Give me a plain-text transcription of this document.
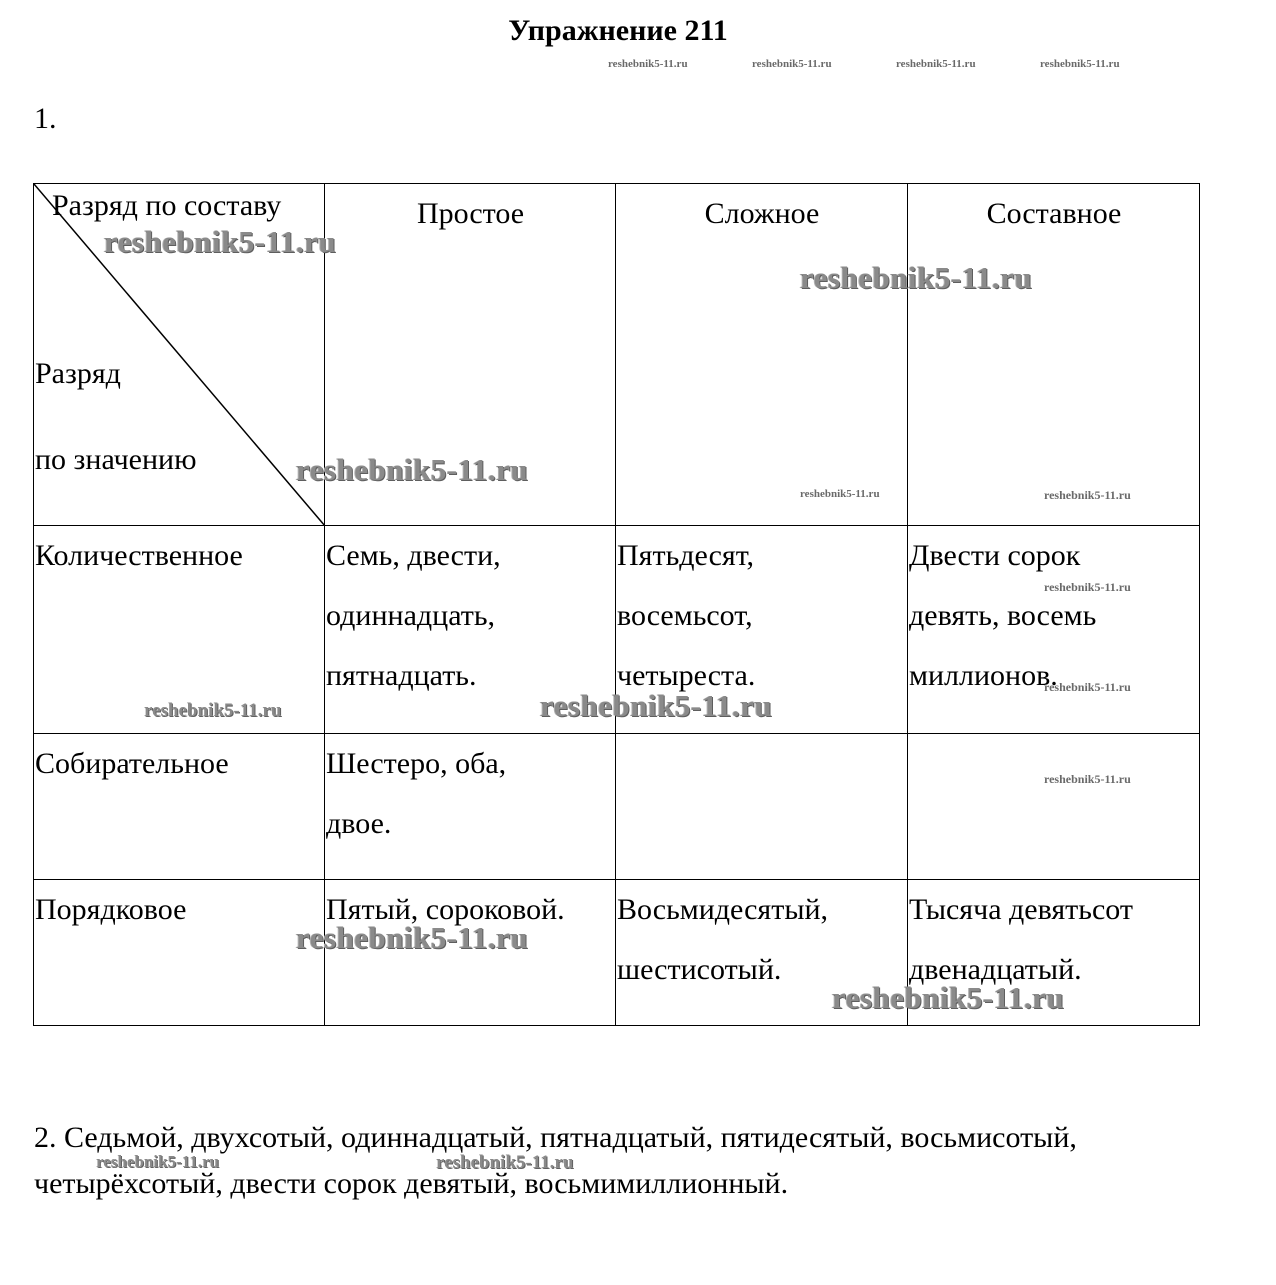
Упражнение 211
reshebnik5-11.ru	reshebnik5-11.ru	reshebnik5-11.ru	reshebnik5-11.ru
1.
Разряд по составу
Разряд
по значению	Простое	Сложное	Составное
Количественное	Семь, двести,
одиннадцать,
пятнадцать.	Пятьдесят,
восемьсот,
четыреста.	Двести сорок
девять, восемь
миллионов.
Собирательное	Шестеро, оба,
двое.		
Порядковое	Пятый, сороковой.	Восьмидесятый,
шестисотый.	Тысяча девятьсот
двенадцатый.
reshebnik5-11.ru
reshebnik5-11.ru
reshebnik5-11.ru
reshebnik5-11.ru	reshebnik5-11.ru
reshebnik5-11.ru
reshebnik5-11.ru
reshebnik5-11.ru	reshebnik5-11.ru
reshebnik5-11.ru
reshebnik5-11.ru
reshebnik5-11.ru
2. Седьмой, двухсотый, одиннадцатый, пятнадцатый, пятидесятый, восьмисотый, четырёхсотый, двести сорок девятый, восьмимиллионный.
reshebnik5-11.ru	reshebnik5-11.ru
